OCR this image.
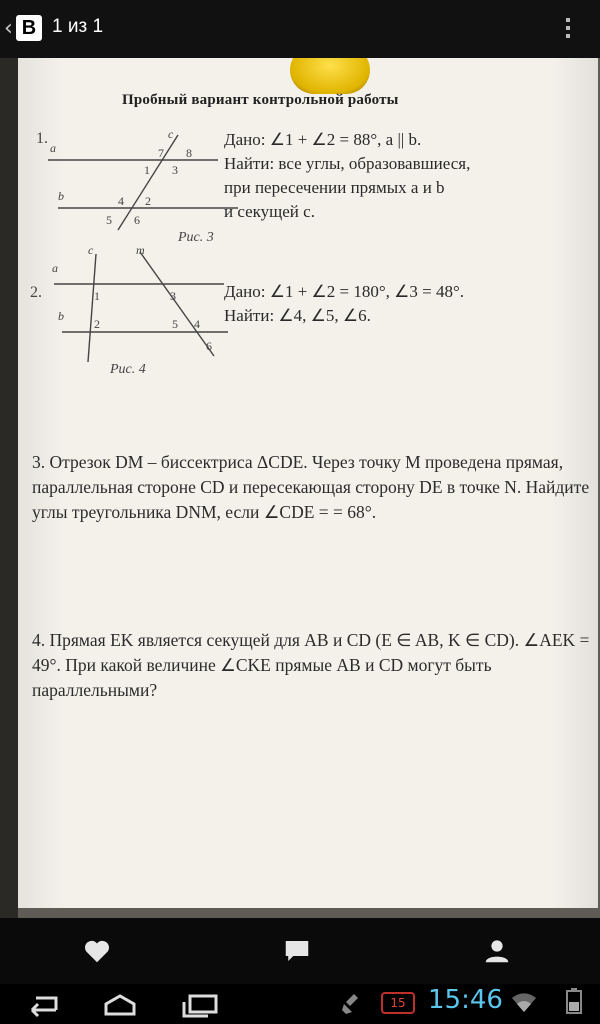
‹ B 1 из 1
Пробный вариант контрольной работы
1.
a
b
c
7 8
1 3
4 2
5 6
Рис. 3
Дано: ∠1 + ∠2 = 88°, a || b.
Найти: все углы, образовавшиеся,
при пересечении прямых a и b
и секущей c.
2.
a
b
c	m
1
2
3
4
5
6
Рис. 4
Дано: ∠1 + ∠2 = 180°, ∠3 = 48°.
Найти: ∠4, ∠5, ∠6.
3. Отрезок DM – биссектриса ΔCDE. Через точку M проведена прямая, параллельная стороне CD и пересекающая сторону DE в точке N. Найдите углы треугольника DNM, если ∠CDE = = 68°.
4. Прямая EK является секущей для AB и CD (E ∈ AB, K ∈ CD). ∠AEK = 49°. При какой величине ∠CKE прямые AB и CD могут быть параллельными?
15 15:46
